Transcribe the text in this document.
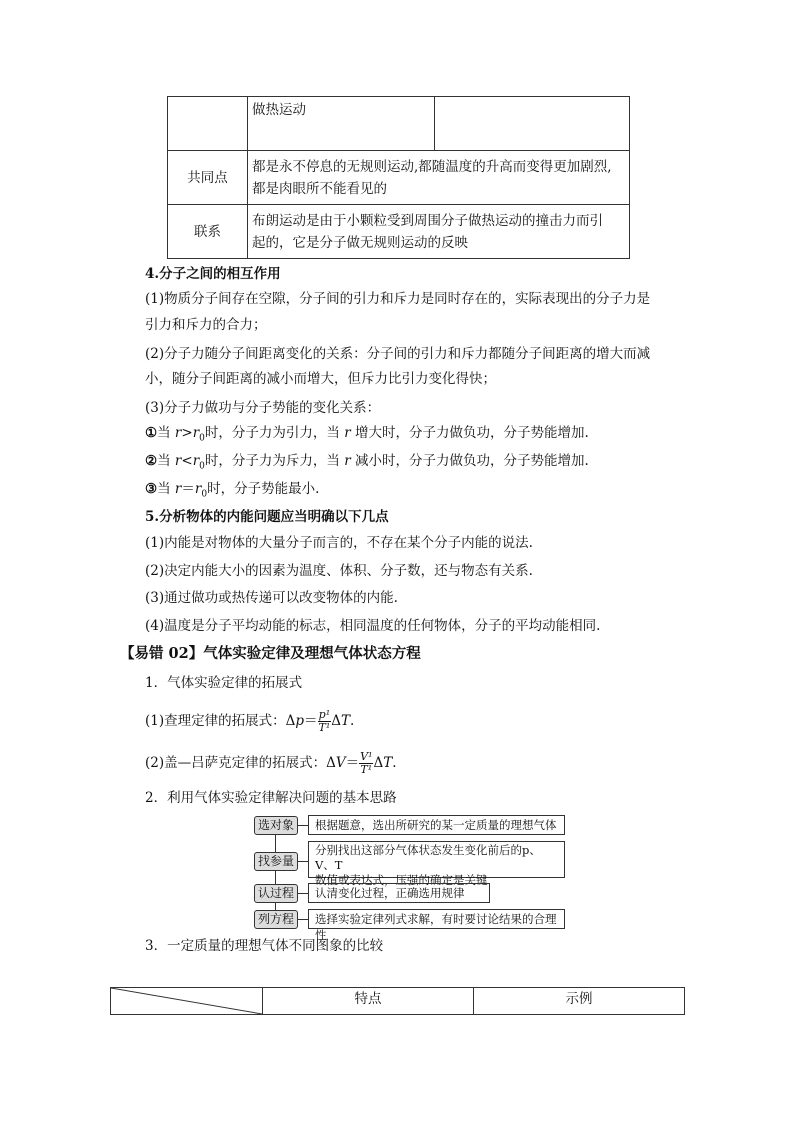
	做热运动	
共同点	都是永不停息的无规则运动,都随温度的升高而变得更加剧烈,
都是肉眼所不能看见的	

联系	布朗运动是由于小颗粒受到周围分子做热运动的撞击力而引
起的，它是分子做无规则运动的反映	
4.分子之间的相互作用
(1)物质分子间存在空隙，分子间的引力和斥力是同时存在的，实际表现出的分子力是
引力和斥力的合力；
(2)分子力随分子间距离变化的关系：分子间的引力和斥力都随分子间距离的增大而减
小，随分子间距离的减小而增大，但斥力比引力变化得快；
(3)分子力做功与分子势能的变化关系：
①当 $r>r_0$时，分子力为引力，当 r 增大时，分子力做负功，分子势能增加.
②当 $r<r_0$时，分子力为斥力，当 r 减小时，分子力做负功，分子势能增加.
③当 $r=r_0$时，分子势能最小.
5.分析物体的内能问题应当明确以下几点
(1)内能是对物体的大量分子而言的，不存在某个分子内能的说法.
(2)决定内能大小的因素为温度、体积、分子数，还与物态有关系.
(3)通过做功或热传递可以改变物体的内能.
(4)温度是分子平均动能的标志，相同温度的任何物体，分子的平均动能相同.
【易错 02】气体实验定律及理想气体状态方程
1．气体实验定律的拓展式
(1)查理定律的拓展式：$\Delta p= \frac{\text{p¹}}{\text{T¹}} \Delta T$.
(2)盖—吕萨克定律的拓展式：$\Delta V= \frac{\text{V¹}}{\text{T¹}} \Delta T$.
2．利用气体实验定律解决问题的基本思路
选对象	根据题意，选出所研究的某一定质量的理想气体
找参量
分别找出这部分气体状态发生变化前后的p、V、T
数值或表达式，压强的确定是关键
认过程	认清变化过程，正确选用规律
列方程	选择实验定律列式求解，有时要讨论结果的合理性
3．一定质量的理想气体不同图象的比较
特点	示例
